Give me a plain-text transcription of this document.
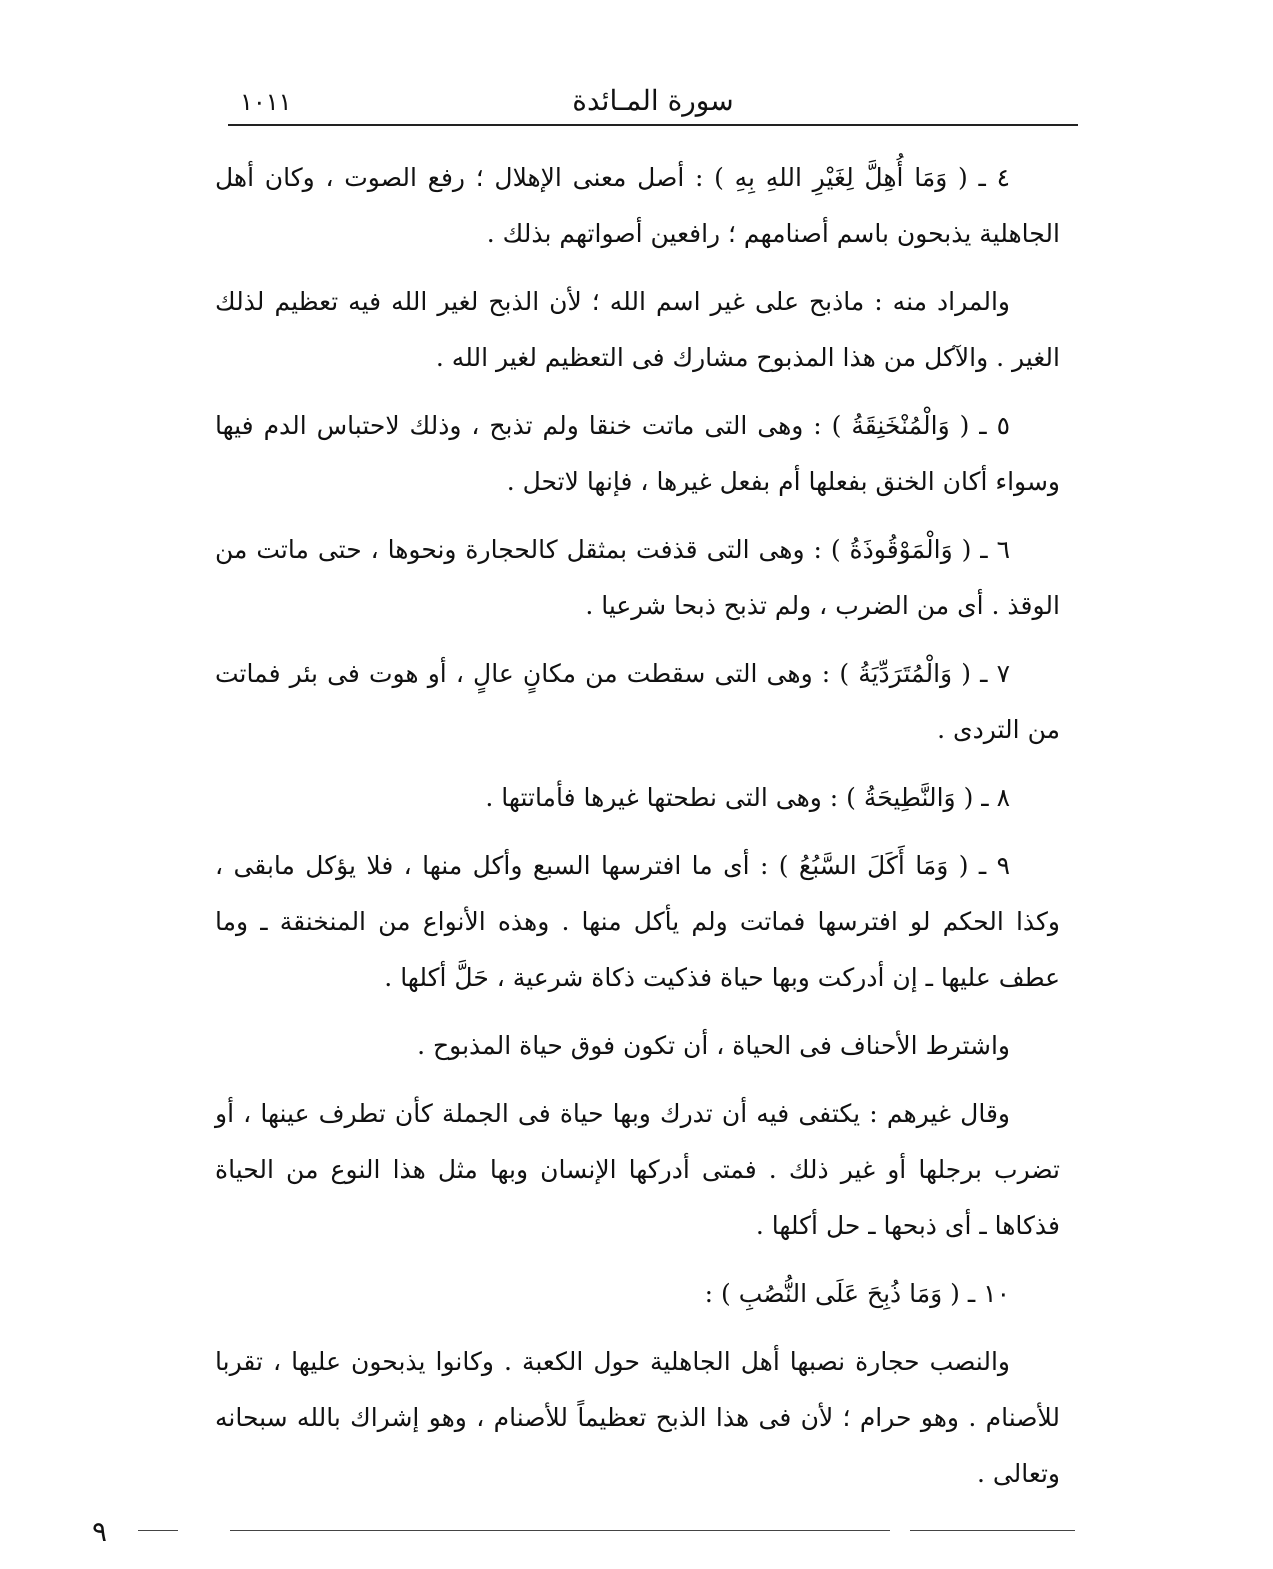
١٠١١	سورة المـائدة

٤ ـ ( وَمَا أُهِلَّ لِغَيْرِ اللهِ بِهِ ) : أصل معنى الإهلال ؛ رفع الصوت ، وكان أهل الجاهلية يذبحون باسم أصنامهم ؛ رافعين أصواتهم بذلك .

والمراد منه : ماذبح على غير اسم الله ؛ لأن الذبح لغير الله فيه تعظيم لذلك الغير . والآكل من هذا المذبوح مشارك فى التعظيم لغير الله .

٥ ـ ( وَالْمُنْخَنِقَةُ ) : وهى التى ماتت خنقا ولم تذبح ، وذلك لاحتباس الدم فيها وسواء أكان الخنق بفعلها أم بفعل غيرها ، فإنها لاتحل .

٦ ـ ( وَالْمَوْقُوذَةُ ) : وهى التى قذفت بمثقل كالحجارة ونحوها ، حتى ماتت من الوقذ . أى من الضرب ، ولم تذبح ذبحا شرعيا .

٧ ـ ( وَالْمُتَرَدِّيَةُ ) : وهى التى سقطت من مكانٍ عالٍ ، أو هوت فى بئر فماتت من التردى .

٨ ـ ( وَالنَّطِيحَةُ ) : وهى التى نطحتها غيرها فأماتتها .

٩ ـ ( وَمَا أَكَلَ السَّبُعُ ) : أى ما افترسها السبع وأكل منها ، فلا يؤكل مابقى ، وكذا الحكم لو افترسها فماتت ولم يأكل منها . وهذه الأنواع من المنخنقة ـ وما عطف عليها ـ إن أدركت وبها حياة فذكيت ذكاة شرعية ، حَلَّ أكلها .

واشترط الأحناف فى الحياة ، أن تكون فوق حياة المذبوح .

وقال غيرهم : يكتفى فيه أن تدرك وبها حياة فى الجملة كأن تطرف عينها ، أو تضرب برجلها أو غير ذلك . فمتى أدركها الإنسان وبها مثل هذا النوع من الحياة فذكاها ـ أى ذبحها ـ حل أكلها .

١٠ ـ ( وَمَا ذُبِحَ عَلَى النُّصُبِ ) :

والنصب حجارة نصبها أهل الجاهلية حول الكعبة . وكانوا يذبحون عليها ، تقربا للأصنام . وهو حرام ؛ لأن فى هذا الذبح تعظيماً للأصنام ، وهو إشراك بالله سبحانه وتعالى .

٩
